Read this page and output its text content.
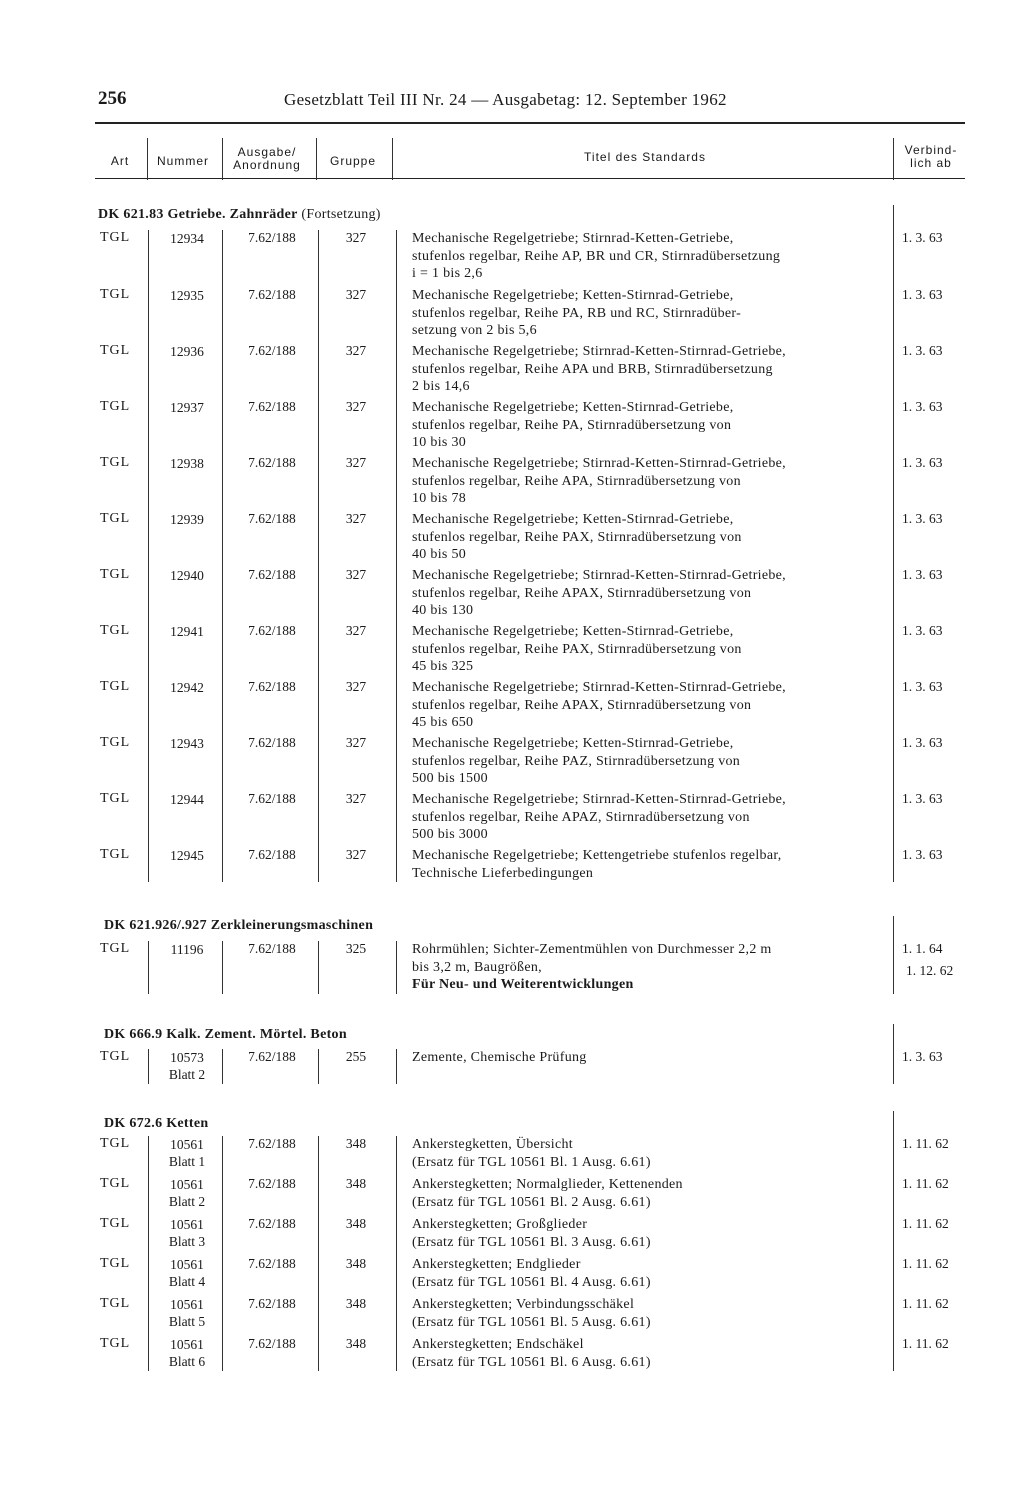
256	Gesetzblatt Teil III Nr. 24 — Ausgabetag: 12. September 1962
Art	Nummer
Ausgabe/
Anordnung	Gruppe	Titel des Standards	Verbind-
lich ab
DK 621.83 Getriebe. Zahnräder (Fortsetzung)
TGL	12934	7.62/188	327	Mechanische Regelgetriebe; Stirnrad-Ketten-Getriebe,
stufenlos regelbar, Reihe AP, BR und CR, Stirnradübersetzung
i = 1 bis 2,6
1. 3. 63
TGL	12935	7.62/188	327	Mechanische Regelgetriebe; Ketten-Stirnrad-Getriebe,
stufenlos regelbar, Reihe PA, RB und RC, Stirnradüber-
setzung von 2 bis 5,6
1. 3. 63
TGL	12936	7.62/188	327	Mechanische Regelgetriebe; Stirnrad-Ketten-Stirnrad-Getriebe,
stufenlos regelbar, Reihe APA und BRB, Stirnradübersetzung
2 bis 14,6
1. 3. 63
TGL	12937	7.62/188	327	Mechanische Regelgetriebe; Ketten-Stirnrad-Getriebe,
stufenlos regelbar, Reihe PA, Stirnradübersetzung von
10 bis 30
1. 3. 63
TGL	12938	7.62/188	327	Mechanische Regelgetriebe; Stirnrad-Ketten-Stirnrad-Getriebe,
stufenlos regelbar, Reihe APA, Stirnradübersetzung von
10 bis 78
1. 3. 63
TGL	12939	7.62/188	327	Mechanische Regelgetriebe; Ketten-Stirnrad-Getriebe,
stufenlos regelbar, Reihe PAX, Stirnradübersetzung von
40 bis 50
1. 3. 63
TGL	12940	7.62/188	327	Mechanische Regelgetriebe; Stirnrad-Ketten-Stirnrad-Getriebe,
stufenlos regelbar, Reihe APAX, Stirnradübersetzung von
40 bis 130
1. 3. 63
TGL	12941	7.62/188	327	Mechanische Regelgetriebe; Ketten-Stirnrad-Getriebe,
stufenlos regelbar, Reihe PAX, Stirnradübersetzung von
45 bis 325
1. 3. 63
TGL	12942	7.62/188	327	Mechanische Regelgetriebe; Stirnrad-Ketten-Stirnrad-Getriebe,
stufenlos regelbar, Reihe APAX, Stirnradübersetzung von
45 bis 650
1. 3. 63
TGL	12943	7.62/188	327	Mechanische Regelgetriebe; Ketten-Stirnrad-Getriebe,
stufenlos regelbar, Reihe PAZ, Stirnradübersetzung von
500 bis 1500
1. 3. 63
TGL	12944	7.62/188	327	Mechanische Regelgetriebe; Stirnrad-Ketten-Stirnrad-Getriebe,
stufenlos regelbar, Reihe APAZ, Stirnradübersetzung von
500 bis 3000
1. 3. 63
TGL	12945	7.62/188	327	Mechanische Regelgetriebe; Kettengetriebe stufenlos regelbar,
Technische Lieferbedingungen
1. 3. 63
DK 621.926/.927 Zerkleinerungsmaschinen
TGL	11196	7.62/188	325	Rohrmühlen; Sichter-Zementmühlen von Durchmesser 2,2 m
bis 3,2 m, Baugrößen,
Für Neu- und Weiterentwicklungen
1. 1. 64
1. 12. 62
DK 666.9 Kalk. Zement. Mörtel. Beton
TGL	10573
Blatt 2
7.62/188	255	Zemente, Chemische Prüfung	1. 3. 63
DK 672.6 Ketten
TGL	10561
Blatt 1
7.62/188	348	Ankerstegketten, Übersicht
(Ersatz für TGL 10561 Bl. 1 Ausg. 6.61)
1. 11. 62
TGL	10561
Blatt 2
7.62/188	348	Ankerstegketten; Normalglieder, Kettenenden
(Ersatz für TGL 10561 Bl. 2 Ausg. 6.61)
1. 11. 62
TGL	10561
Blatt 3
7.62/188	348	Ankerstegketten; Großglieder
(Ersatz für TGL 10561 Bl. 3 Ausg. 6.61)
1. 11. 62
TGL	10561
Blatt 4
7.62/188	348	Ankerstegketten; Endglieder
(Ersatz für TGL 10561 Bl. 4 Ausg. 6.61)
1. 11. 62
TGL	10561
Blatt 5
7.62/188	348	Ankerstegketten; Verbindungsschäkel
(Ersatz für TGL 10561 Bl. 5 Ausg. 6.61)
1. 11. 62
TGL	10561
Blatt 6
7.62/188	348	Ankerstegketten; Endschäkel
(Ersatz für TGL 10561 Bl. 6 Ausg. 6.61)
1. 11. 62
